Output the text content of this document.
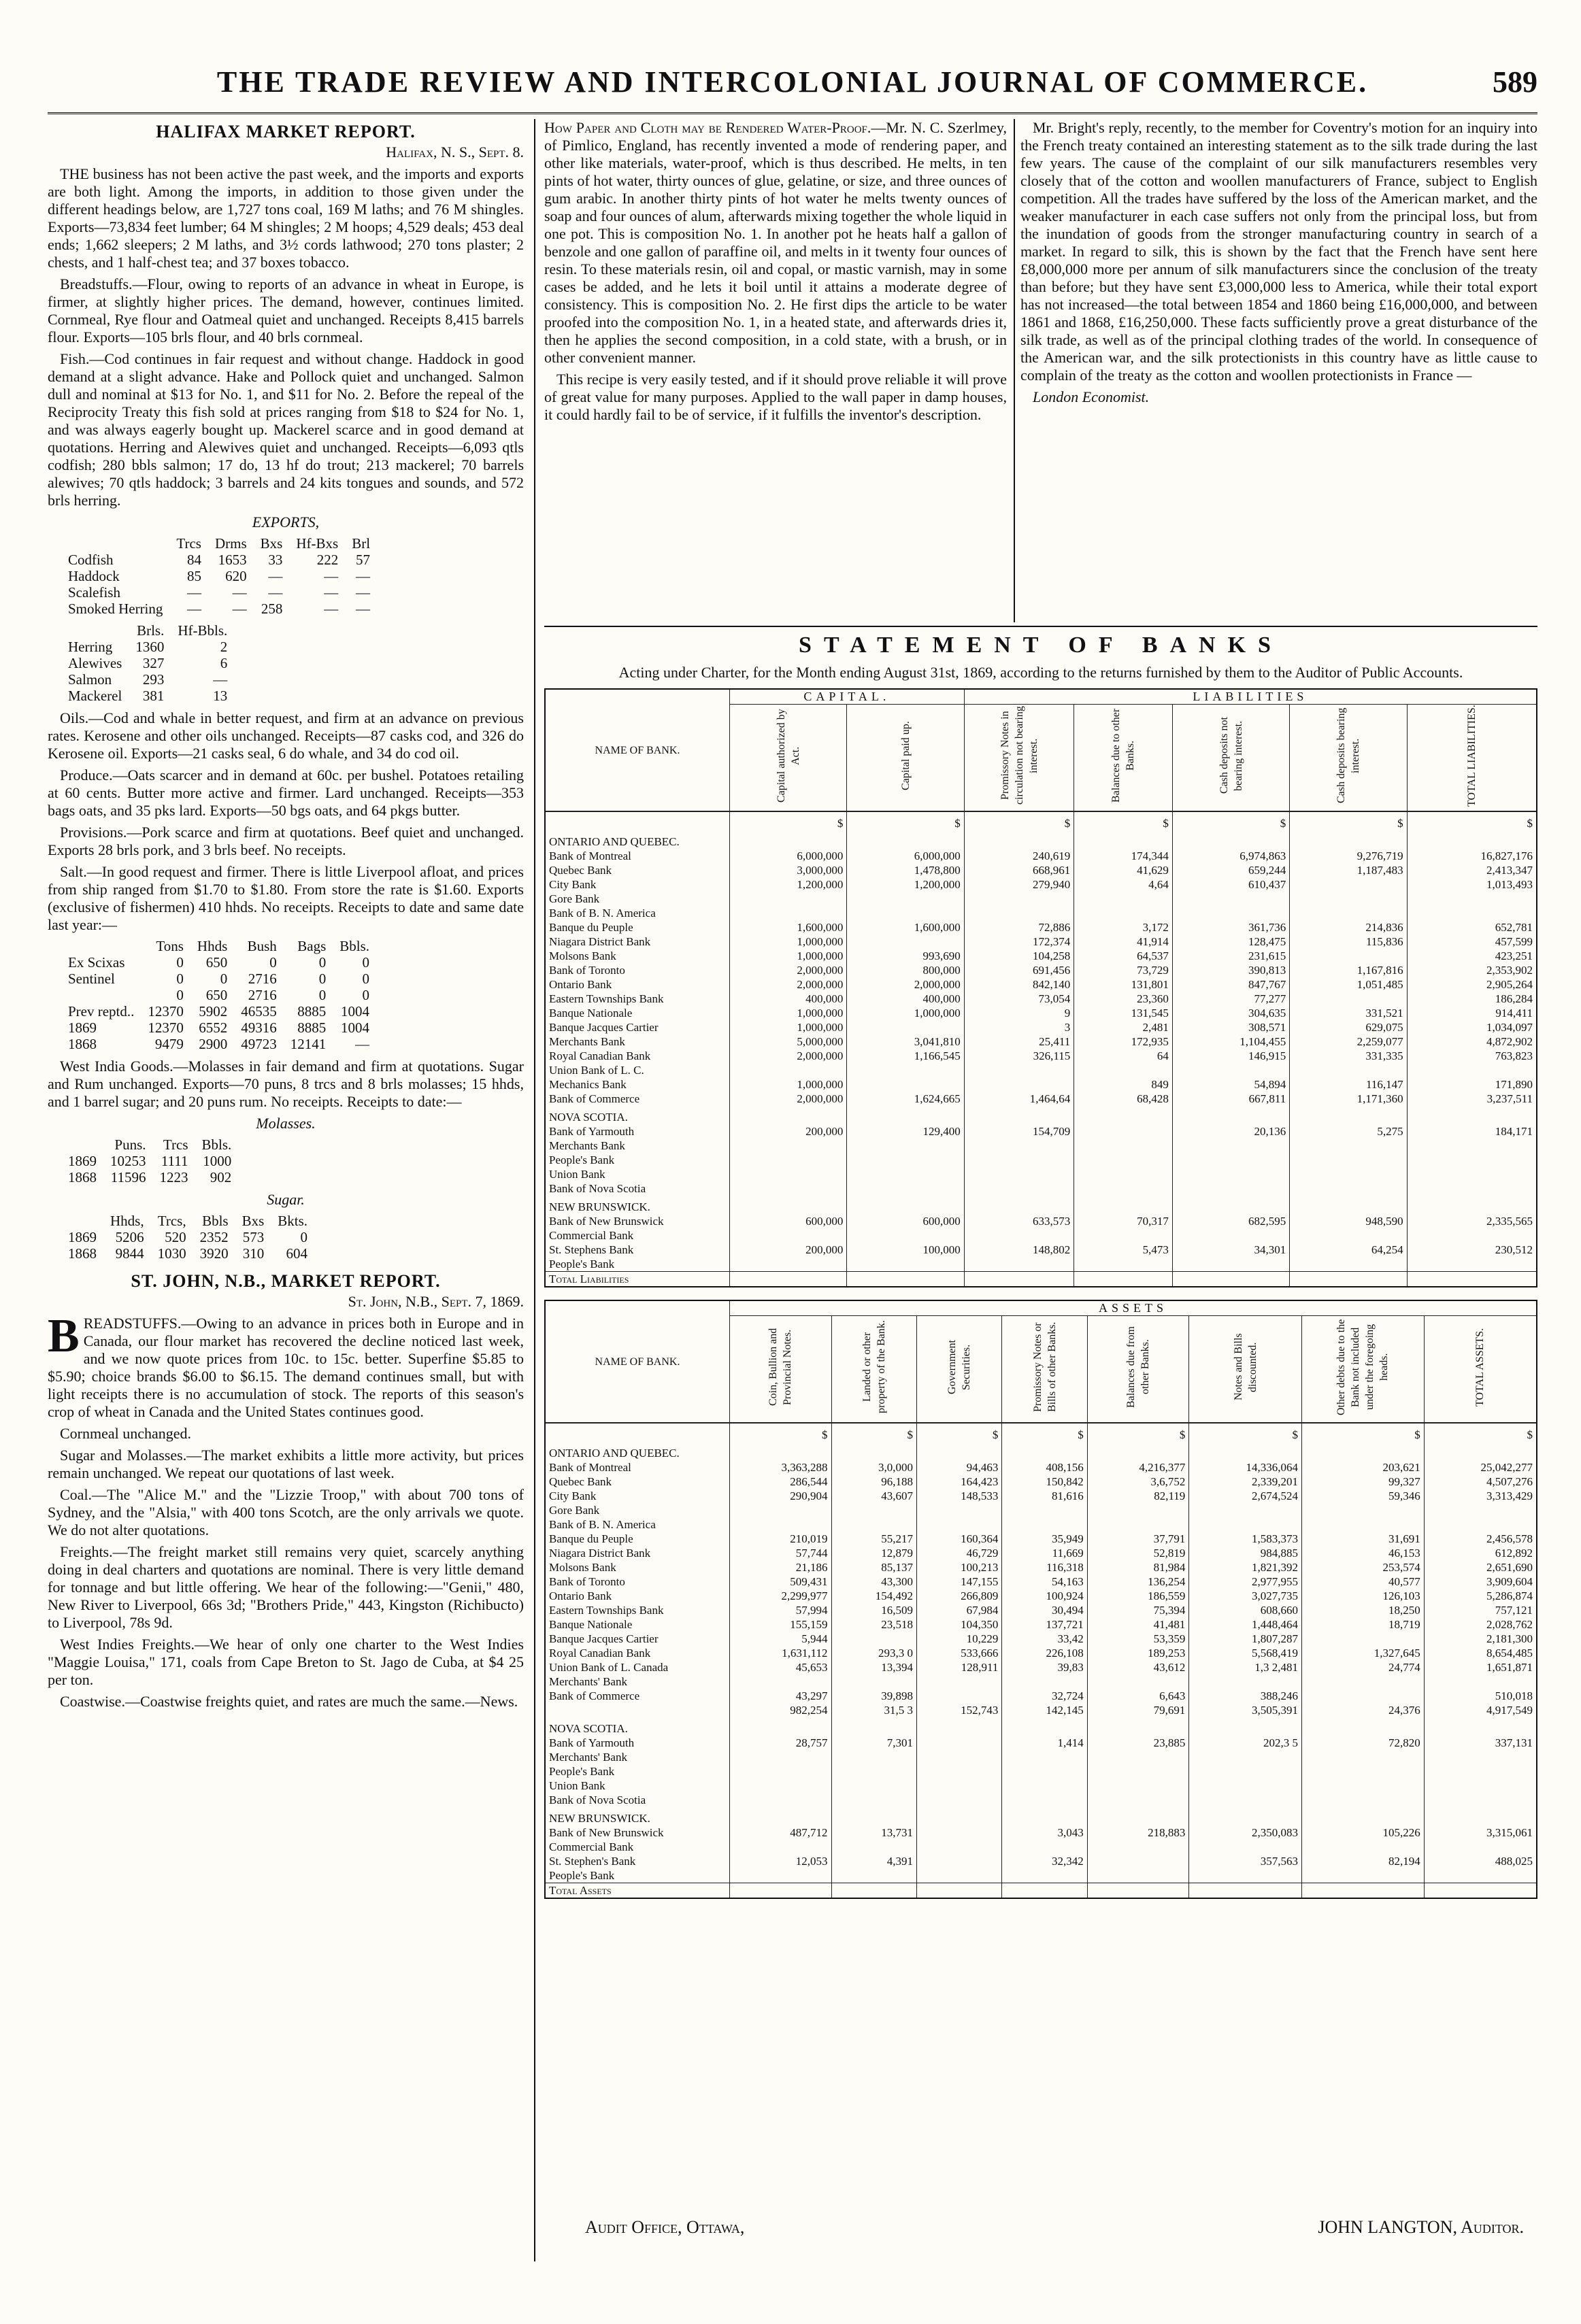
THE TRADE REVIEW AND INTERCOLONIAL JOURNAL OF COMMERCE.	589
HALIFAX MARKET REPORT.
Halifax, N. S., Sept. 8.

THE business has not been active the past week, and the imports and exports are both light. Among the imports, in addition to those given under the different headings below, are 1,727 tons coal, 169 M laths; and 76 M shingles. Exports—73,834 feet lumber; 64 M shingles; 2 M hoops; 4,529 deals; 453 deal ends; 1,662 sleepers; 2 M laths, and 3½ cords lathwood; 270 tons plaster; 2 chests, and 1 half-chest tea; and 37 boxes tobacco.

Breadstuffs.—Flour, owing to reports of an advance in wheat in Europe, is firmer, at slightly higher prices. The demand, however, continues limited. Cornmeal, Rye flour and Oatmeal quiet and unchanged. Receipts 8,415 barrels flour. Exports—105 brls flour, and 40 brls cornmeal.

Fish.—Cod continues in fair request and without change. Haddock in good demand at a slight advance. Hake and Pollock quiet and unchanged. Salmon dull and nominal at $13 for No. 1, and $11 for No. 2. Before the repeal of the Reciprocity Treaty this fish sold at prices ranging from $18 to $24 for No. 1, and was always eagerly bought up. Mackerel scarce and in good demand at quotations. Herring and Alewives quiet and unchanged. Receipts—6,093 qtls codfish; 280 bbls salmon; 17 do, 13 hf do trout; 213 mackerel; 70 barrels alewives; 70 qtls haddock; 3 barrels and 24 kits tongues and sounds, and 572 brls herring.

EXPORTS,
	Trcs	Drms	Bxs	Hf-Bxs	Brl
Codfish	84	1653	33	222	57
Haddock	85	620	—	—	—
Scalefish	—	—	—	—	—
Smoked Herring	—	—	258	—	—
	Brls.	Hf-Bbls.
Herring	1360	2
Alewives	327	6
Salmon	293	—
Mackerel	381	13

Oils.—Cod and whale in better request, and firm at an advance on previous rates. Kerosene and other oils unchanged. Receipts—87 casks cod, and 326 do Kerosene oil. Exports—21 casks seal, 6 do whale, and 34 do cod oil.

Produce.—Oats scarcer and in demand at 60c. per bushel. Potatoes retailing at 60 cents. Butter more active and firmer. Lard unchanged. Receipts—353 bags oats, and 35 pks lard. Exports—50 bgs oats, and 64 pkgs butter.

Provisions.—Pork scarce and firm at quotations. Beef quiet and unchanged. Exports 28 brls pork, and 3 brls beef. No receipts.

Salt.—In good request and firmer. There is little Liverpool afloat, and prices from ship ranged from $1.70 to $1.80. From store the rate is $1.60. Exports (exclusive of fishermen) 410 hhds. No receipts. Receipts to date and same date last year:—

	Tons	Hhds	Bush	Bags	Bbls.
Ex Scixas	0	650	0	0	0
Sentinel	0	0	2716	0	0
	0	650	2716	0	0
Prev reptd..	12370	5902	46535	8885	1004
1869	12370	6552	49316	8885	1004
1868	9479	2900	49723	12141	—

West India Goods.—Molasses in fair demand and firm at quotations. Sugar and Rum unchanged. Exports—70 puns, 8 trcs and 8 brls molasses; 15 hhds, and 1 barrel sugar; and 20 puns rum. No receipts. Receipts to date:—

Molasses.
	Puns.	Trcs	Bbls.
1869	10253	1111	1000
1868	11596	1223	902
Sugar.
	Hhds,	Trcs,	Bbls	Bxs	Bkts.
1869	5206	520	2352	573	0
1868	9844	1030	3920	310	604
ST. JOHN, N.B., MARKET REPORT.
St. John, N.B., Sept. 7, 1869.

BREADSTUFFS.—Owing to an advance in prices both in Europe and in Canada, our flour market has recovered the decline noticed last week, and we now quote prices from 10c. to 15c. better. Superfine $5.85 to $5.90; choice brands $6.00 to $6.15. The demand continues small, but with light receipts there is no accumulation of stock. The reports of this season's crop of wheat in Canada and the United States continues good.

Cornmeal unchanged.

Sugar and Molasses.—The market exhibits a little more activity, but prices remain unchanged. We repeat our quotations of last week.

Coal.—The "Alice M." and the "Lizzie Troop," with about 700 tons of Sydney, and the "Alsia," with 400 tons Scotch, are the only arrivals we quote. We do not alter quotations.

Freights.—The freight market still remains very quiet, scarcely anything doing in deal charters and quotations are nominal. There is very little demand for tonnage and but little offering. We hear of the following:—"Genii," 480, New River to Liverpool, 66s 3d; "Brothers Pride," 443, Kingston (Richibucto) to Liverpool, 78s 9d.

West Indies Freights.—We hear of only one charter to the West Indies "Maggie Louisa," 171, coals from Cape Breton to St. Jago de Cuba, at $4 25 per ton.

Coastwise.—Coastwise freights quiet, and rates are much the same.—News.

How Paper and Cloth may be Rendered Water-Proof.—Mr. N. C. Szerlmey, of Pimlico, England, has recently invented a mode of rendering paper, and other like materials, water-proof, which is thus described. He melts, in ten pints of hot water, thirty ounces of glue, gelatine, or size, and three ounces of gum arabic. In another thirty pints of hot water he melts twenty ounces of soap and four ounces of alum, afterwards mixing together the whole liquid in one pot. This is composition No. 1. In another pot he heats half a gallon of benzole and one gallon of paraffine oil, and melts in it twenty four ounces of resin. To these materials resin, oil and copal, or mastic varnish, may in some cases be added, and he lets it boil until it attains a moderate degree of consistency. This is composition No. 2. He first dips the article to be water proofed into the composition No. 1, in a heated state, and afterwards dries it, then he applies the second composition, in a cold state, with a brush, or in other convenient manner.

This recipe is very easily tested, and if it should prove reliable it will prove of great value for many purposes. Applied to the wall paper in damp houses, it could hardly fail to be of service, if it fulfills the inventor's description.

Mr. Bright's reply, recently, to the member for Coventry's motion for an inquiry into the French treaty contained an interesting statement as to the silk trade during the last few years. The cause of the complaint of our silk manufacturers resembles very closely that of the cotton and woollen manufacturers of France, subject to English competition. All the trades have suffered by the loss of the American market, and the weaker manufacturer in each case suffers not only from the principal loss, but from the inundation of goods from the stronger manufacturing country in search of a market. In regard to silk, this is shown by the fact that the French have sent here £8,000,000 more per annum of silk manufacturers since the conclusion of the treaty than before; but they have sent £3,000,000 less to America, while their total export has not increased—the total between 1854 and 1860 being £16,000,000, and between 1861 and 1868, £16,250,000. These facts sufficiently prove a great disturbance of the silk trade, as well as of the principal clothing trades of the world. In consequence of the American war, and the silk protectionists in this country have as little cause to complain of the treaty as the cotton and woollen protectionists in France —

London Economist.
STATEMENT OF BANKS
Acting under Charter, for the Month ending August 31st, 1869, according to the returns furnished by them to the Auditor of Public Accounts.
NAME OF BANK.	CAPITAL.		LIABILITIES				
	Capital authorized by Act.	Capital paid up.	Promissory Notes in circulation not bearing interest.	Balances due to other Banks.	Cash deposits not bearing interest.	Cash deposits bearing interest.	TOTAL LIABILITIES.
	$	$	$	$	$	$	$
ONTARIO AND QUEBEC.							
Bank of Montreal	6,000,000	6,000,000	240,619	174,344	6,974,863	9,276,719	16,827,176
Quebec Bank	3,000,000	1,478,800	668,961	41,629	659,244	1,187,483	2,413,347
City Bank	1,200,000	1,200,000	279,940	4,64	610,437		1,013,493
Gore Bank							
Bank of B. N. America							
Banque du Peuple	1,600,000	1,600,000	72,886	3,172	361,736	214,836	652,781
Niagara District Bank	1,000,000		172,374	41,914	128,475	115,836	457,599
Molsons Bank	1,000,000	993,690	104,258	64,537	231,615		423,251
Bank of Toronto	2,000,000	800,000	691,456	73,729	390,813	1,167,816	2,353,902
Ontario Bank	2,000,000	2,000,000	842,140	131,801	847,767	1,051,485	2,905,264
Eastern Townships Bank	400,000	400,000	73,054	23,360	77,277		186,284
Banque Nationale	1,000,000	1,000,000	9	131,545	304,635	331,521	914,411
Banque Jacques Cartier	1,000,000		3	2,481	308,571	629,075	1,034,097
Merchants Bank	5,000,000	3,041,810	25,411	172,935	1,104,455	2,259,077	4,872,902
Royal Canadian Bank	2,000,000	1,166,545	326,115	64	146,915	331,335	763,823
Union Bank of L. C.							
Mechanics Bank	1,000,000			849	54,894	116,147	171,890
Bank of Commerce	2,000,000	1,624,665	1,464,64	68,428	667,811	1,171,360	3,237,511
NOVA SCOTIA.							
Bank of Yarmouth	200,000	129,400	154,709		20,136	5,275	184,171
Merchants Bank							
People's Bank							
Union Bank							
Bank of Nova Scotia							
NEW BRUNSWICK.							
Bank of New Brunswick	600,000	600,000	633,573	70,317	682,595	948,590	2,335,565
Commercial Bank							
St. Stephens Bank	200,000	100,000	148,802	5,473	34,301	64,254	230,512
People's Bank							
Total Liabilities							
NAME OF BANK.	ASSETS							
	Coin, Bullion and Provincial Notes.	Landed or other property of the Bank.	Government Securities.	Promissory Notes or Bills of other Banks.	Balances due from other Banks.	Notes and Bills discounted.	Other debts due to the Bank not included under the foregoing heads.	TOTAL ASSETS.
	$	$	$	$	$	$	$	$
ONTARIO AND QUEBEC.								
Bank of Montreal	3,363,288	3,0,000	94,463	408,156	4,216,377	14,336,064	203,621	25,042,277
Quebec Bank	286,544	96,188	164,423	150,842	3,6,752	2,339,201	99,327	4,507,276
City Bank	290,904	43,607	148,533	81,616	82,119	2,674,524	59,346	3,313,429
Gore Bank								
Bank of B. N. America								
Banque du Peuple	210,019	55,217	160,364	35,949	37,791	1,583,373	31,691	2,456,578
Niagara District Bank	57,744	12,879	46,729	11,669	52,819	984,885	46,153	612,892
Molsons Bank	21,186	85,137	100,213	116,318	81,984	1,821,392	253,574	2,651,690
Bank of Toronto	509,431	43,300	147,155	54,163	136,254	2,977,955	40,577	3,909,604
Ontario Bank	2,299,977	154,492	266,809	100,924	186,559	3,027,735	126,103	5,286,874
Eastern Townships Bank	57,994	16,509	67,984	30,494	75,394	608,660	18,250	757,121
Banque Nationale	155,159	23,518	104,350	137,721	41,481	1,448,464	18,719	2,028,762
Banque Jacques Cartier	5,944		10,229	33,42	53,359	1,807,287		2,181,300
Royal Canadian Bank	1,631,112	293,3 0	533,666	226,108	189,253	5,568,419	1,327,645	8,654,485
Union Bank of L. Canada	45,653	13,394	128,911	39,83	43,612	1,3 2,481	24,774	1,651,871
Merchants' Bank								
Bank of Commerce	43,297	39,898		32,724	6,643	388,246		510,018
	982,254	31,5 3	152,743	142,145	79,691	3,505,391	24,376	4,917,549
NOVA SCOTIA.								
Bank of Yarmouth	28,757	7,301		1,414	23,885	202,3 5	72,820	337,131
Merchants' Bank								
People's Bank								
Union Bank								
Bank of Nova Scotia								
NEW BRUNSWICK.								
Bank of New Brunswick	487,712	13,731		3,043	218,883	2,350,083	105,226	3,315,061
Commercial Bank								
St. Stephen's Bank	12,053	4,391		32,342		357,563	82,194	488,025
People's Bank								
Total Assets								
Audit Office, Ottawa,	JOHN LANGTON, Auditor.
